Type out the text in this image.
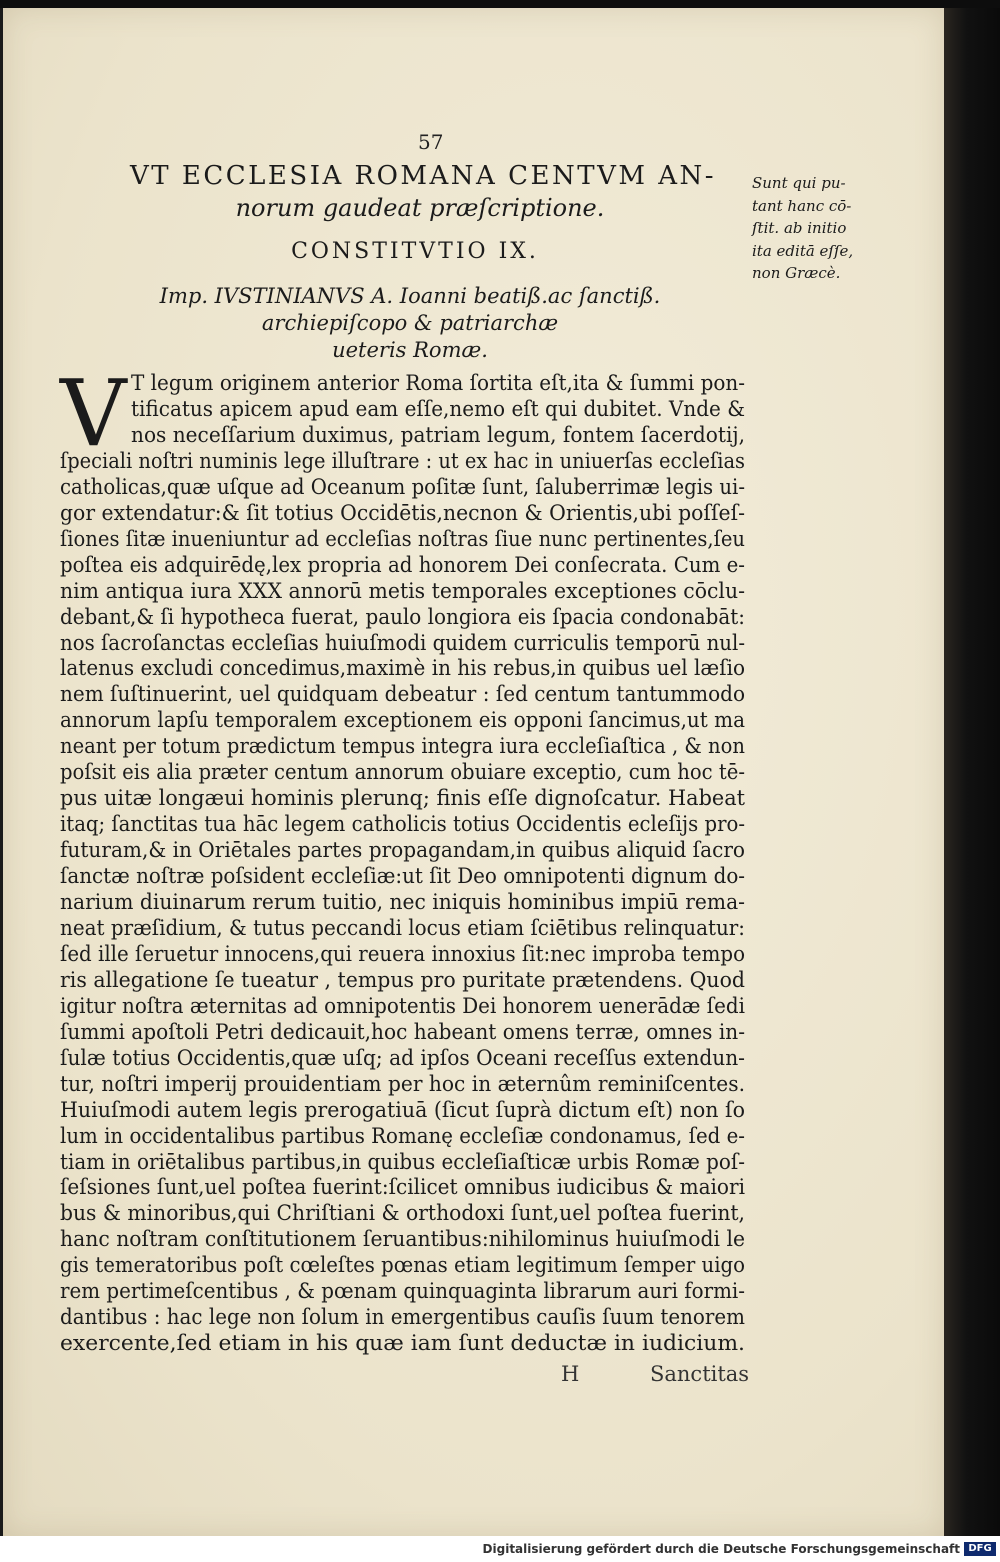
57
VT ECCLESIA ROMANA CENTVM AN-
norum gaudeat præſcriptione.
CONSTITVTIO IX.
Imp. IVSTINIANVS A. Ioanni beatiß.ac ſanctiß.
archiepiſcopo & patriarchæ
ueteris Romæ.
Sunt qui pu-
tant hanc cō-
ſtit. ab initio
ita editā eſſe,
non Græcè.
V T legum originem anterior Roma ſortita eſt,ita & ſummi pon-
tificatus apicem apud eam eſſe,nemo eſt qui dubitet. Vnde &
nos neceſſarium duximus, patriam legum, fontem ſacerdotij,
ſpeciali noſtri numinis lege illuſtrare : ut ex hac in uniuerſas eccleſias
catholicas,quæ uſque ad Oceanum poſitæ ſunt, ſaluberrimæ legis ui-
gor extendatur:& ſit totius Occidētis,necnon & Orientis,ubi poſſeſ-
ſiones ſitæ inueniuntur ad eccleſias noſtras ſiue nunc pertinentes,ſeu
poſtea eis adquirēdę,lex propria ad honorem Dei conſecrata. Cum e-
nim antiqua iura XXX annorū metis temporales exceptiones cōclu-
debant,& ſi hypotheca fuerat, paulo longiora eis ſpacia condonabāt:
nos ſacroſanctas eccleſias huiuſmodi quidem curriculis temporū nul-
latenus excludi concedimus,maximè in his rebus,in quibus uel læſio
nem ſuſtinuerint, uel quidquam debeatur : ſed centum tantummodo
annorum lapſu temporalem exceptionem eis opponi ſancimus,ut ma
neant per totum prædictum tempus integra iura eccleſiaſtica , & non
poſsit eis alia præter centum annorum obuiare exceptio, cum hoc tē-
pus uitæ longæui hominis plerunq; finis eſſe dignoſcatur. Habeat
itaq; ſanctitas tua hāc legem catholicis totius Occidentis ecleſijs pro-
futuram,& in Oriētales partes propagandam,in quibus aliquid ſacro
ſanctæ noſtræ poſsident eccleſiæ:ut ſit Deo omnipotenti dignum do-
narium diuinarum rerum tuitio, nec iniquis hominibus impiū rema-
neat præſidium, & tutus peccandi locus etiam ſciētibus relinquatur:
ſed ille ſeruetur innocens,qui reuera innoxius ſit:nec improba tempo
ris allegatione ſe tueatur , tempus pro puritate prætendens. Quod
igitur noſtra æternitas ad omnipotentis Dei honorem uenerādæ ſedi
ſummi apoſtoli Petri dedicauit,hoc habeant omens terræ, omnes in-
ſulæ totius Occidentis,quæ uſq; ad ipſos Oceani receſſus extendun-
tur, noſtri imperij prouidentiam per hoc in æternûm reminiſcentes.
Huiuſmodi autem legis prerogatiuā (ſicut ſuprà dictum eſt) non ſo
lum in occidentalibus partibus Romanę eccleſiæ condonamus, ſed e-
tiam in oriētalibus partibus,in quibus eccleſiaſticæ urbis Romæ poſ-
ſeſsiones ſunt,uel poſtea fuerint:ſcilicet omnibus iudicibus & maiori
bus & minoribus,qui Chriſtiani & orthodoxi ſunt,uel poſtea fuerint,
hanc noſtram conſtitutionem ſeruantibus:nihilominus huiuſmodi le
gis temeratoribus poſt cœleſtes pœnas etiam legitimum ſemper uigo
rem pertimeſcentibus , & pœnam quinquaginta librarum auri formi-
dantibus : hac lege non ſolum in emergentibus cauſis ſuum tenorem
exercente,ſed etiam in his quæ iam ſunt deductæ in iudicium.
H	Sanctitas
Digitalisierung gefördert durch die Deutsche Forschungsgemeinschaft DFG
